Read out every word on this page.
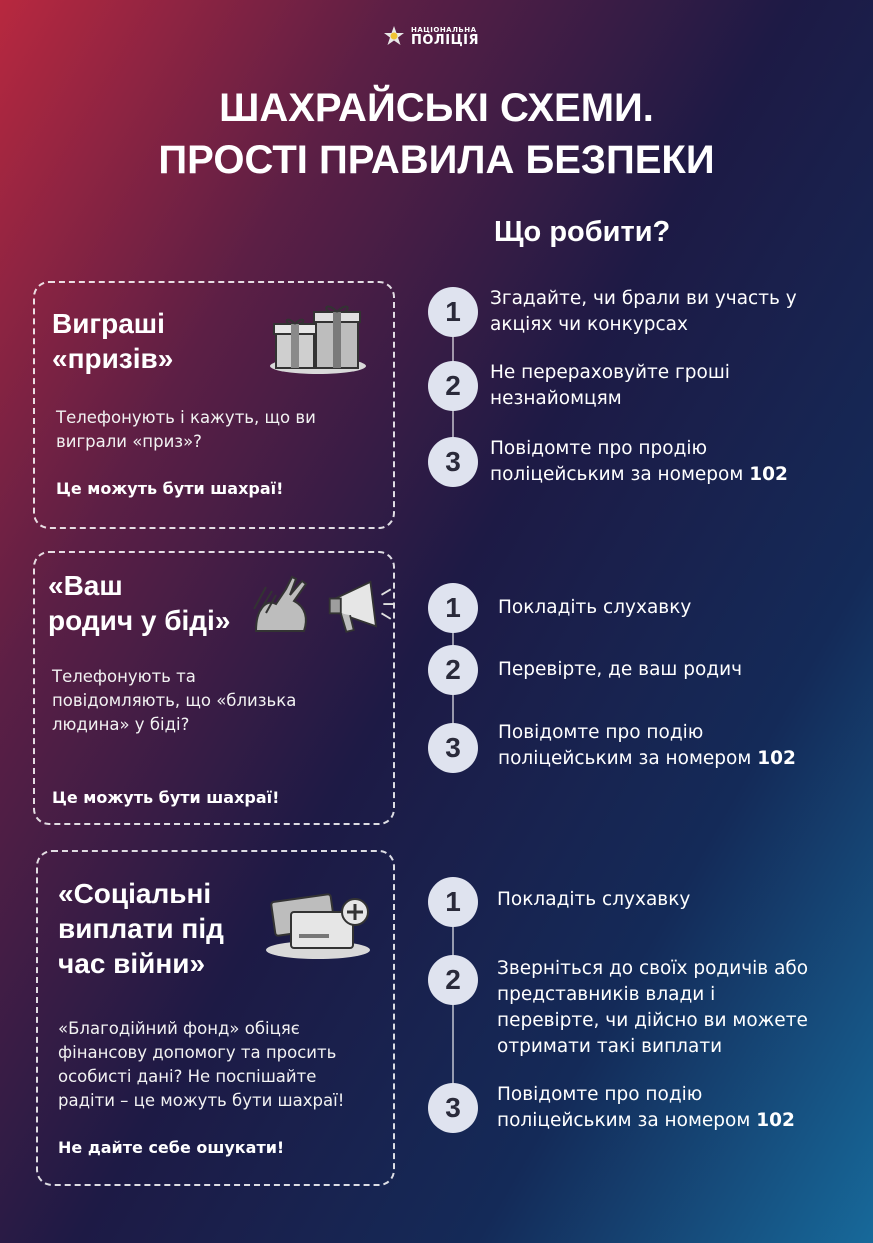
НАЦІОНАЛЬНА
ПОЛІЦІЯ
ШАХРАЙСЬКІ СХЕМИ.
ПРОСТІ ПРАВИЛА БЕЗПЕКИ
Що робити?
Виграші
«призів»
Телефонують і кажуть, що ви
виграли «приз»?
Це можуть бути шахраї!
«Ваш
родич у біді»
Телефонують та
повідомляють, що «близька
людина» у біді?
Це можуть бути шахраї!
«Соціальні
виплати під
час війни»
«Благодійний фонд» обіцяє
фінансову допомогу та просить
особисті дані? Не поспішайте
радіти – це можуть бути шахраї!
Не дайте себе ошукати!
1	Згадайте, чи брали ви участь у
акціях чи конкурсах
2	Не перераховуйте гроші
незнайомцям
3	Повідомте про продію
поліцейським за номером 102
1	Покладіть слухавку
2	Перевірте, де ваш родич
3	Повідомте про подію
поліцейським за номером 102
1	Покладіть слухавку
2	Зверніться до своїх родичів або
представників влади і
перевірте, чи дійсно ви можете
отримати такі виплати
3	Повідомте про подію
поліцейським за номером 102
